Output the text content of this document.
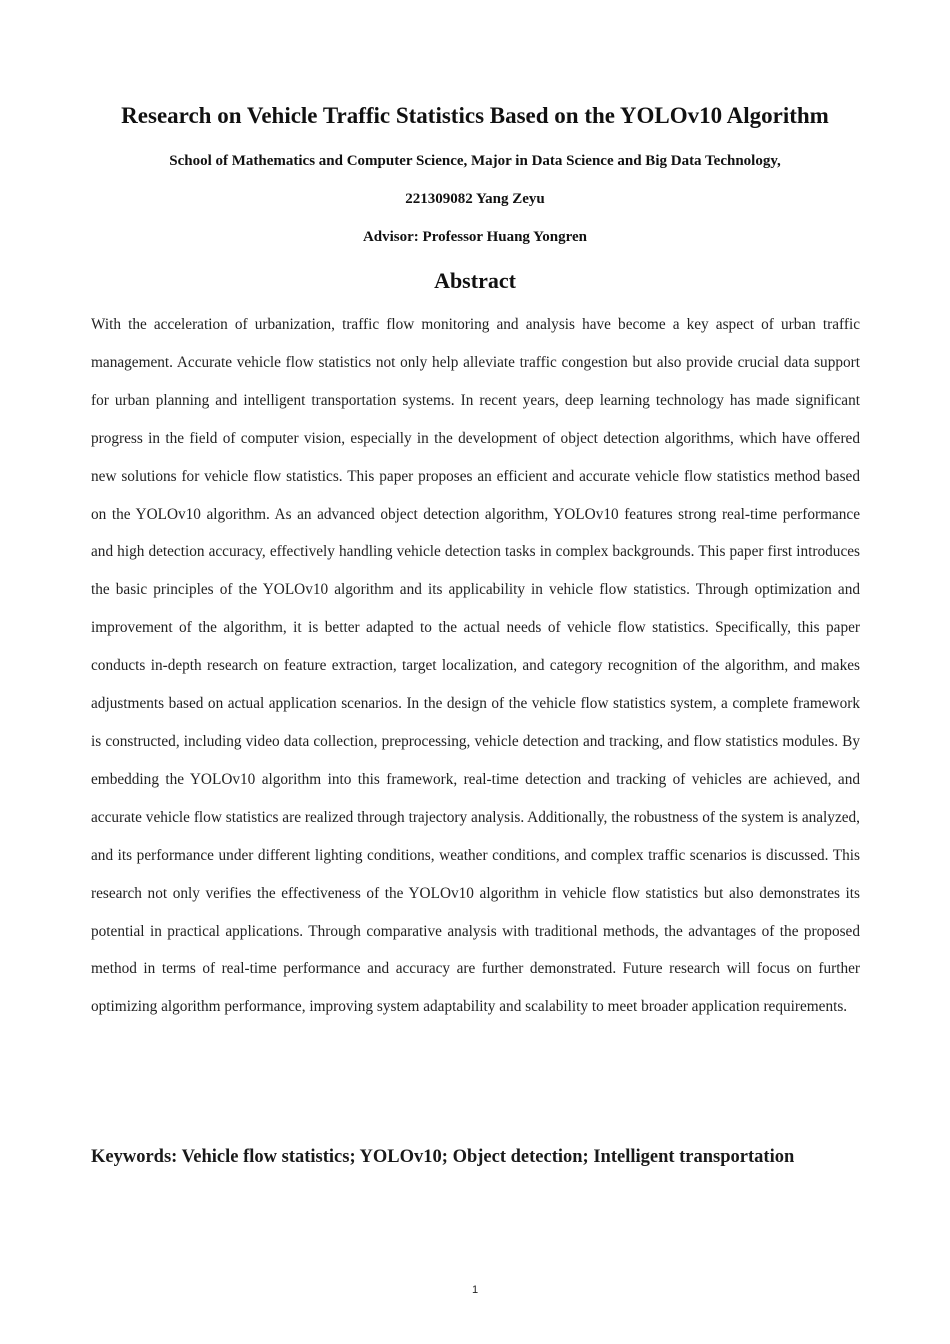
Research on Vehicle Traffic Statistics Based on the YOLOv10 Algorithm
School of Mathematics and Computer Science, Major in Data Science and Big Data Technology,
221309082 Yang Zeyu
Advisor: Professor Huang Yongren
Abstract
With the acceleration of urbanization, traffic flow monitoring and analysis have become a key aspect of urban traffic management. Accurate vehicle flow statistics not only help alleviate traffic congestion but also provide crucial data support for urban planning and intelligent transportation systems. In recent years, deep learning technology has made significant progress in the field of computer vision, especially in the development of object detection algorithms, which have offered new solutions for vehicle flow statistics. This paper proposes an efficient and accurate vehicle flow statistics method based on the YOLOv10 algorithm. As an advanced object detection algorithm, YOLOv10 features strong real-time performance and high detection accuracy, effectively handling vehicle detection tasks in complex backgrounds. This paper first introduces the basic principles of the YOLOv10 algorithm and its applicability in vehicle flow statistics. Through optimization and improvement of the algorithm, it is better adapted to the actual needs of vehicle flow statistics. Specifically, this paper conducts in-depth research on feature extraction, target localization, and category recognition of the algorithm, and makes adjustments based on actual application scenarios. In the design of the vehicle flow statistics system, a complete framework is constructed, including video data collection, preprocessing, vehicle detection and tracking, and flow statistics modules. By embedding the YOLOv10 algorithm into this framework, real-time detection and tracking of vehicles are achieved, and accurate vehicle flow statistics are realized through trajectory analysis. Additionally, the robustness of the system is analyzed, and its performance under different lighting conditions, weather conditions, and complex traffic scenarios is discussed. This research not only verifies the effectiveness of the YOLOv10 algorithm in vehicle flow statistics but also demonstrates its potential in practical applications. Through comparative analysis with traditional methods, the advantages of the proposed method in terms of real-time performance and accuracy are further demonstrated. Future research will focus on further optimizing algorithm performance, improving system adaptability and scalability to meet broader application requirements.
Keywords: Vehicle flow statistics; YOLOv10; Object detection; Intelligent transportation
1
